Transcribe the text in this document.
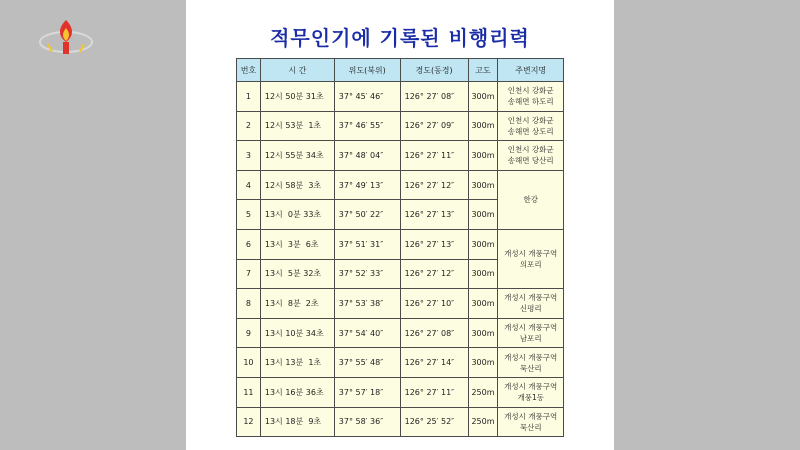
적무인기에 기록된 비행리력
번호	시 간	위도(북위)	경도(동경)	고도	주변지명
1	12시 50분 31초	37° 45′ 46″	126° 27′ 08″	300m	인천시 강화군
송해면 하도리
2	12시 53분  1초	37° 46′ 55″	126° 27′ 09″	300m	인천시 강화군
송해면 상도리
3	12시 55분 34초	37° 48′ 04″	126° 27′ 11″	300m	인천시 강화군
송해면 당산리
4	12시 58분  3초	37° 49′ 13″	126° 27′ 12″	300m	한강
5	13시  0분 33초	37° 50′ 22″	126° 27′ 13″	300m	
6	13시  3분  6초	37° 51′ 31″	126° 27′ 13″	300m	개성시 개풍구역
의포리
7	13시  5분 32초	37° 52′ 33″	126° 27′ 12″	300m	
8	13시  8분  2초	37° 53′ 38″	126° 27′ 10″	300m	개성시 개풍구역
신평리
9	13시 10분 34초	37° 54′ 40″	126° 27′ 08″	300m	개성시 개풍구역
남포리
10	13시 13분  1초	37° 55′ 48″	126° 27′ 14″	300m	개성시 개풍구역
묵산리
11	13시 16분 36초	37° 57′ 18″	126° 27′ 11″	250m	개성시 개풍구역
개풍1동
12	13시 18분  9초	37° 58′ 36″	126° 25′ 52″	250m	개성시 개풍구역
묵산리
